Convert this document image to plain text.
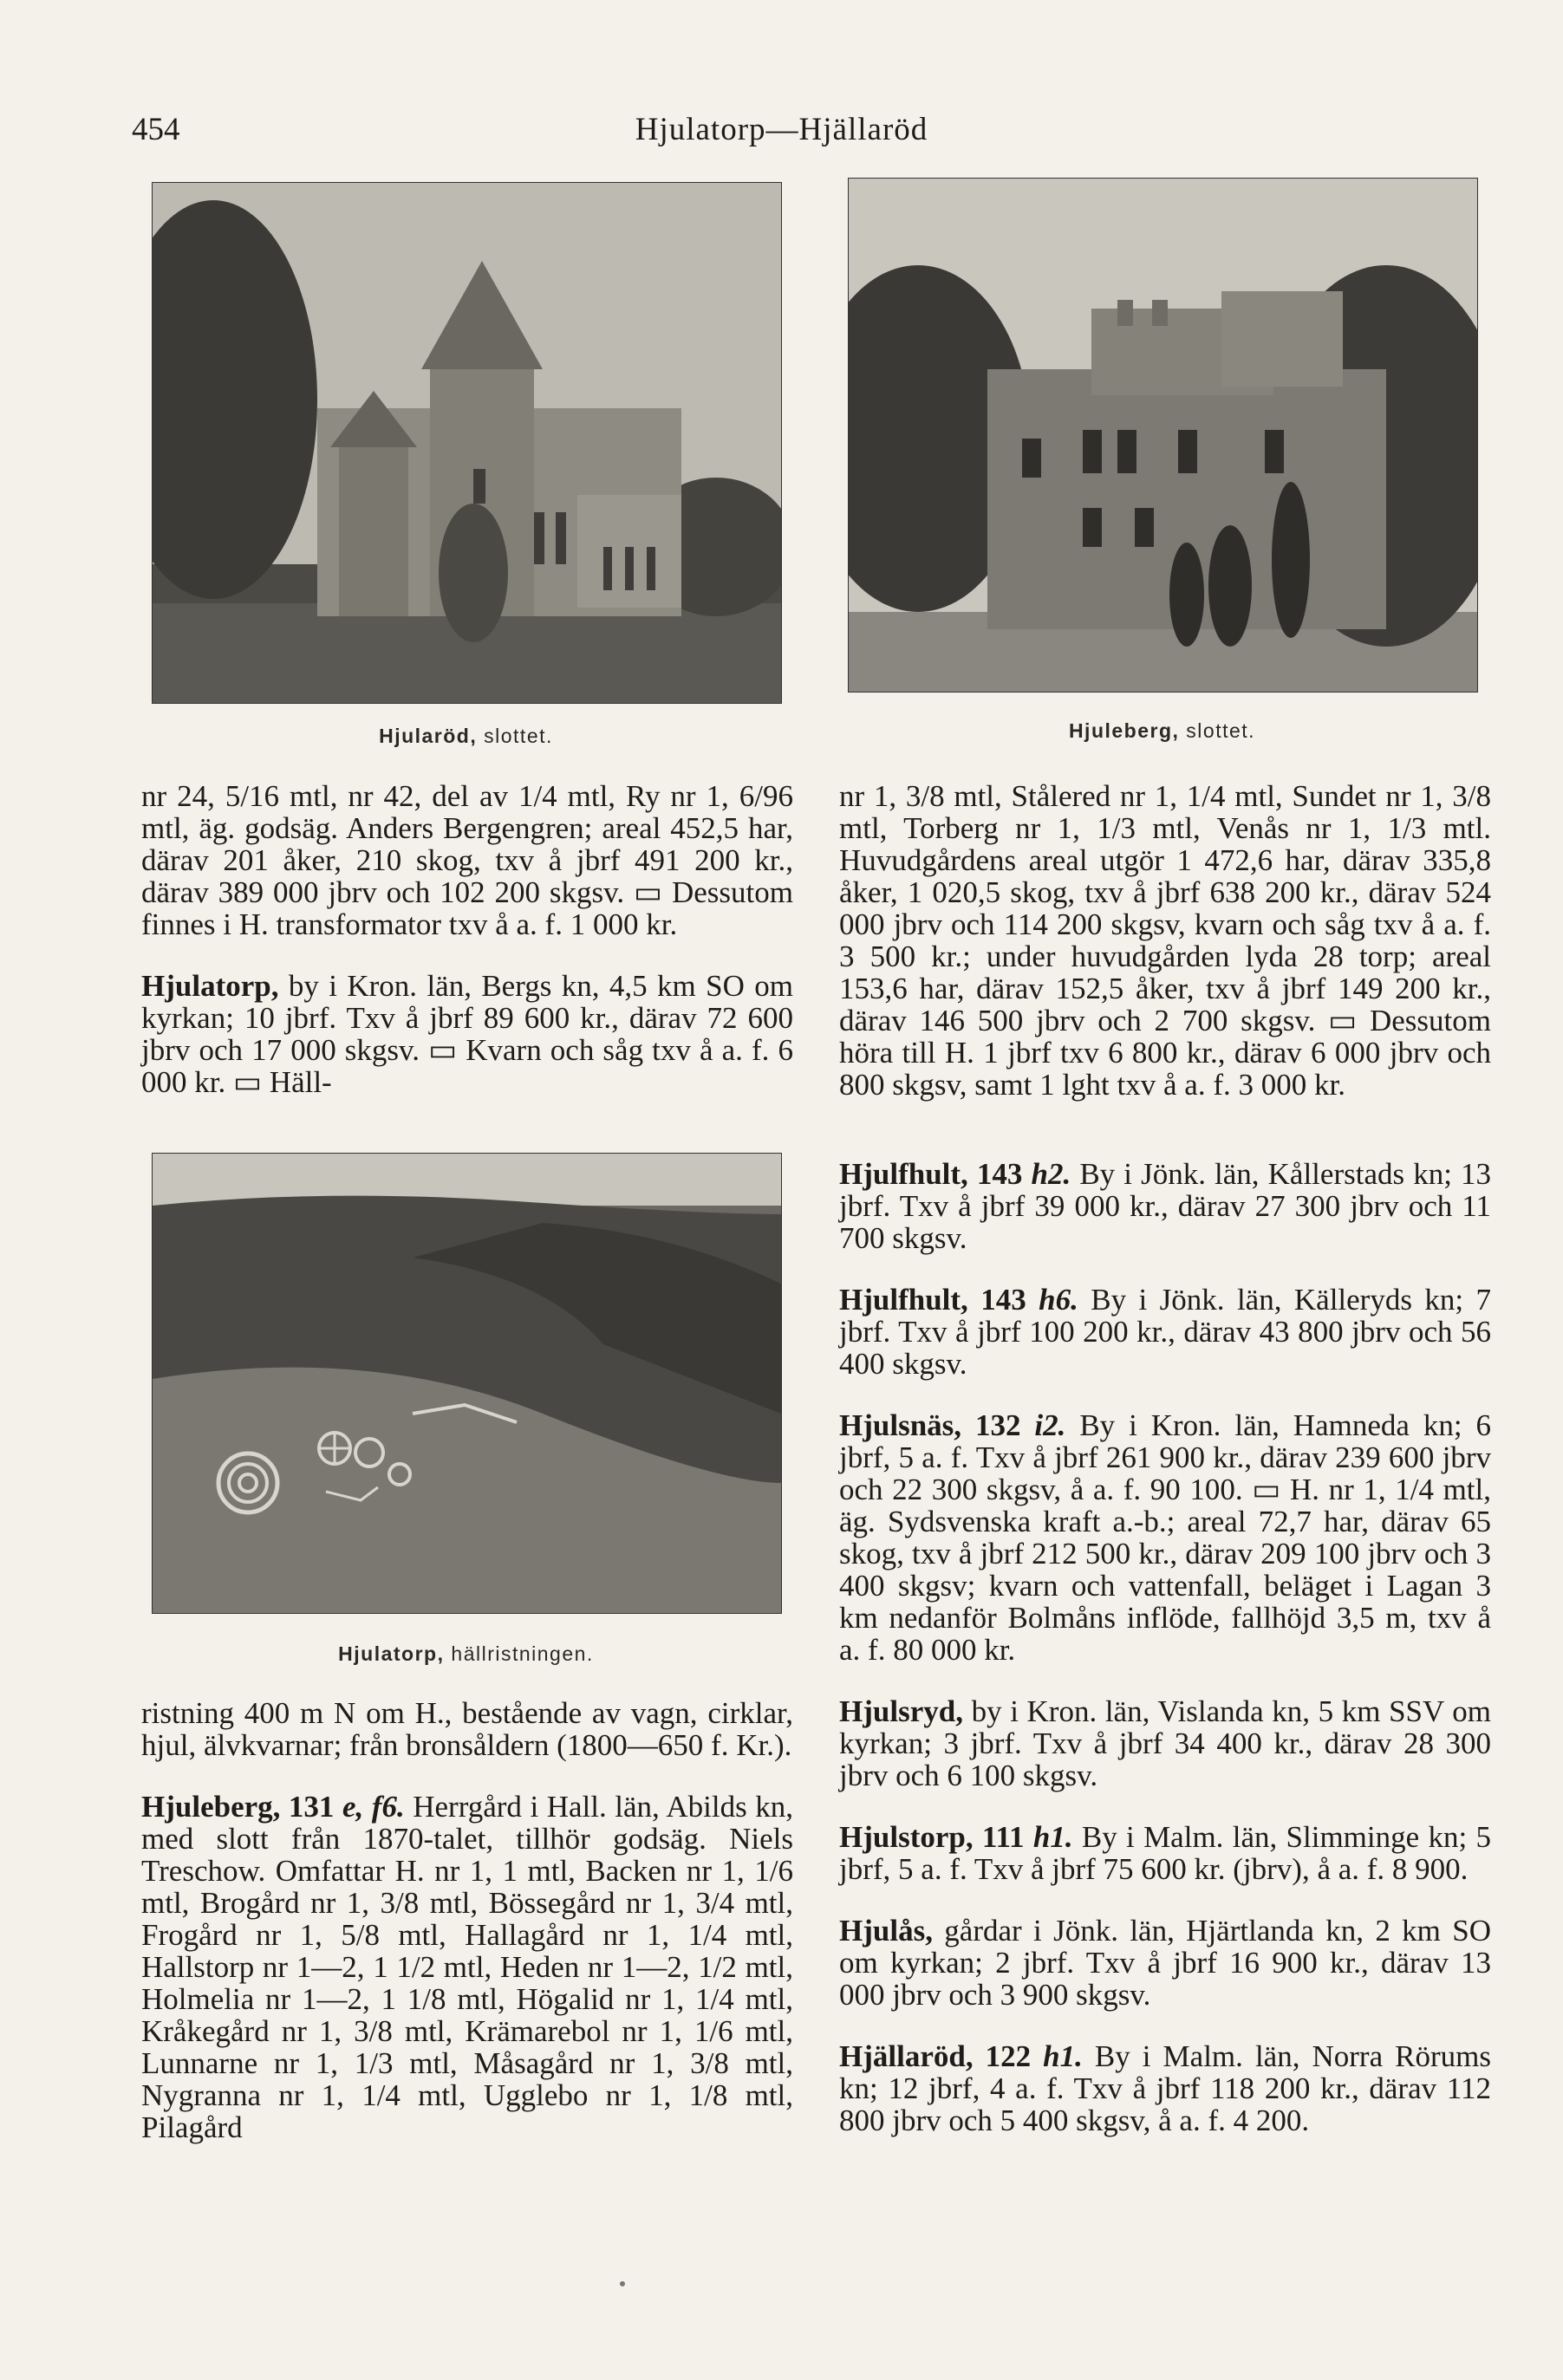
454	Hjulatorp—Hjällaröd
Hjularöd, slottet.	Hjuleberg, slottet.
Hjulatorp, hällristningen.

nr 24, 5/16 mtl, nr 42, del av 1/4 mtl, Ry nr 1, 6/96 mtl, äg. godsäg. Anders Bergengren; areal 452,5 har, därav 201 åker, 210 skog, txv å jbrf 491 200 kr., därav 389 000 jbrv och 102 200 skgsv. ▭ Dessutom finnes i H. transformator txv å a. f. 1 000 kr.

Hjulatorp, by i Kron. län, Bergs kn, 4,5 km SO om kyrkan; 10 jbrf. Txv å jbrf 89 600 kr., därav 72 600 jbrv och 17 000 skgsv. ▭ Kvarn och såg txv å a. f. 6 000 kr. ▭ Häll-

ristning 400 m N om H., bestående av vagn, cirklar, hjul, älvkvarnar; från bronsåldern (1800—650 f. Kr.).

Hjuleberg, 131 e, f6. Herrgård i Hall. län, Abilds kn, med slott från 1870-talet, tillhör godsäg. Niels Treschow. Omfattar H. nr 1, 1 mtl, Backen nr 1, 1/6 mtl, Brogård nr 1, 3/8 mtl, Bössegård nr 1, 3/4 mtl, Frogård nr 1, 5/8 mtl, Hallagård nr 1, 1/4 mtl, Hallstorp nr 1—2, 1 1/2 mtl, Heden nr 1—2, 1/2 mtl, Holmelia nr 1—2, 1 1/8 mtl, Högalid nr 1, 1/4 mtl, Kråkegård nr 1, 3/8 mtl, Krämarebol nr 1, 1/6 mtl, Lunnarne nr 1, 1/3 mtl, Måsagård nr 1, 3/8 mtl, Nygranna nr 1, 1/4 mtl, Ugglebo nr 1, 1/8 mtl, Pilagård

nr 1, 3/8 mtl, Stålered nr 1, 1/4 mtl, Sundet nr 1, 3/8 mtl, Torberg nr 1, 1/3 mtl, Venås nr 1, 1/3 mtl. Huvudgårdens areal utgör 1 472,6 har, därav 335,8 åker, 1 020,5 skog, txv å jbrf 638 200 kr., därav 524 000 jbrv och 114 200 skgsv, kvarn och såg txv å a. f. 3 500 kr.; under huvudgården lyda 28 torp; areal 153,6 har, därav 152,5 åker, txv å jbrf 149 200 kr., därav 146 500 jbrv och 2 700 skgsv. ▭ Dessutom höra till H. 1 jbrf txv 6 800 kr., därav 6 000 jbrv och 800 skgsv, samt 1 lght txv å a. f. 3 000 kr.

Hjulfhult, 143 h2. By i Jönk. län, Kållerstads kn; 13 jbrf. Txv å jbrf 39 000 kr., därav 27 300 jbrv och 11 700 skgsv.

Hjulfhult, 143 h6. By i Jönk. län, Källeryds kn; 7 jbrf. Txv å jbrf 100 200 kr., därav 43 800 jbrv och 56 400 skgsv.

Hjulsnäs, 132 i2. By i Kron. län, Hamneda kn; 6 jbrf, 5 a. f. Txv å jbrf 261 900 kr., därav 239 600 jbrv och 22 300 skgsv, å a. f. 90 100. ▭ H. nr 1, 1/4 mtl, äg. Sydsvenska kraft a.-b.; areal 72,7 har, därav 65 skog, txv å jbrf 212 500 kr., därav 209 100 jbrv och 3 400 skgsv; kvarn och vattenfall, beläget i Lagan 3 km nedanför Bolmåns inflöde, fallhöjd 3,5 m, txv å a. f. 80 000 kr.

Hjulsryd, by i Kron. län, Vislanda kn, 5 km SSV om kyrkan; 3 jbrf. Txv å jbrf 34 400 kr., därav 28 300 jbrv och 6 100 skgsv.

Hjulstorp, 111 h1. By i Malm. län, Slimminge kn; 5 jbrf, 5 a. f. Txv å jbrf 75 600 kr. (jbrv), å a. f. 8 900.

Hjulås, gårdar i Jönk. län, Hjärtlanda kn, 2 km SO om kyrkan; 2 jbrf. Txv å jbrf 16 900 kr., därav 13 000 jbrv och 3 900 skgsv.

Hjällaröd, 122 h1. By i Malm. län, Norra Rörums kn; 12 jbrf, 4 a. f. Txv å jbrf 118 200 kr., därav 112 800 jbrv och 5 400 skgsv, å a. f. 4 200.
